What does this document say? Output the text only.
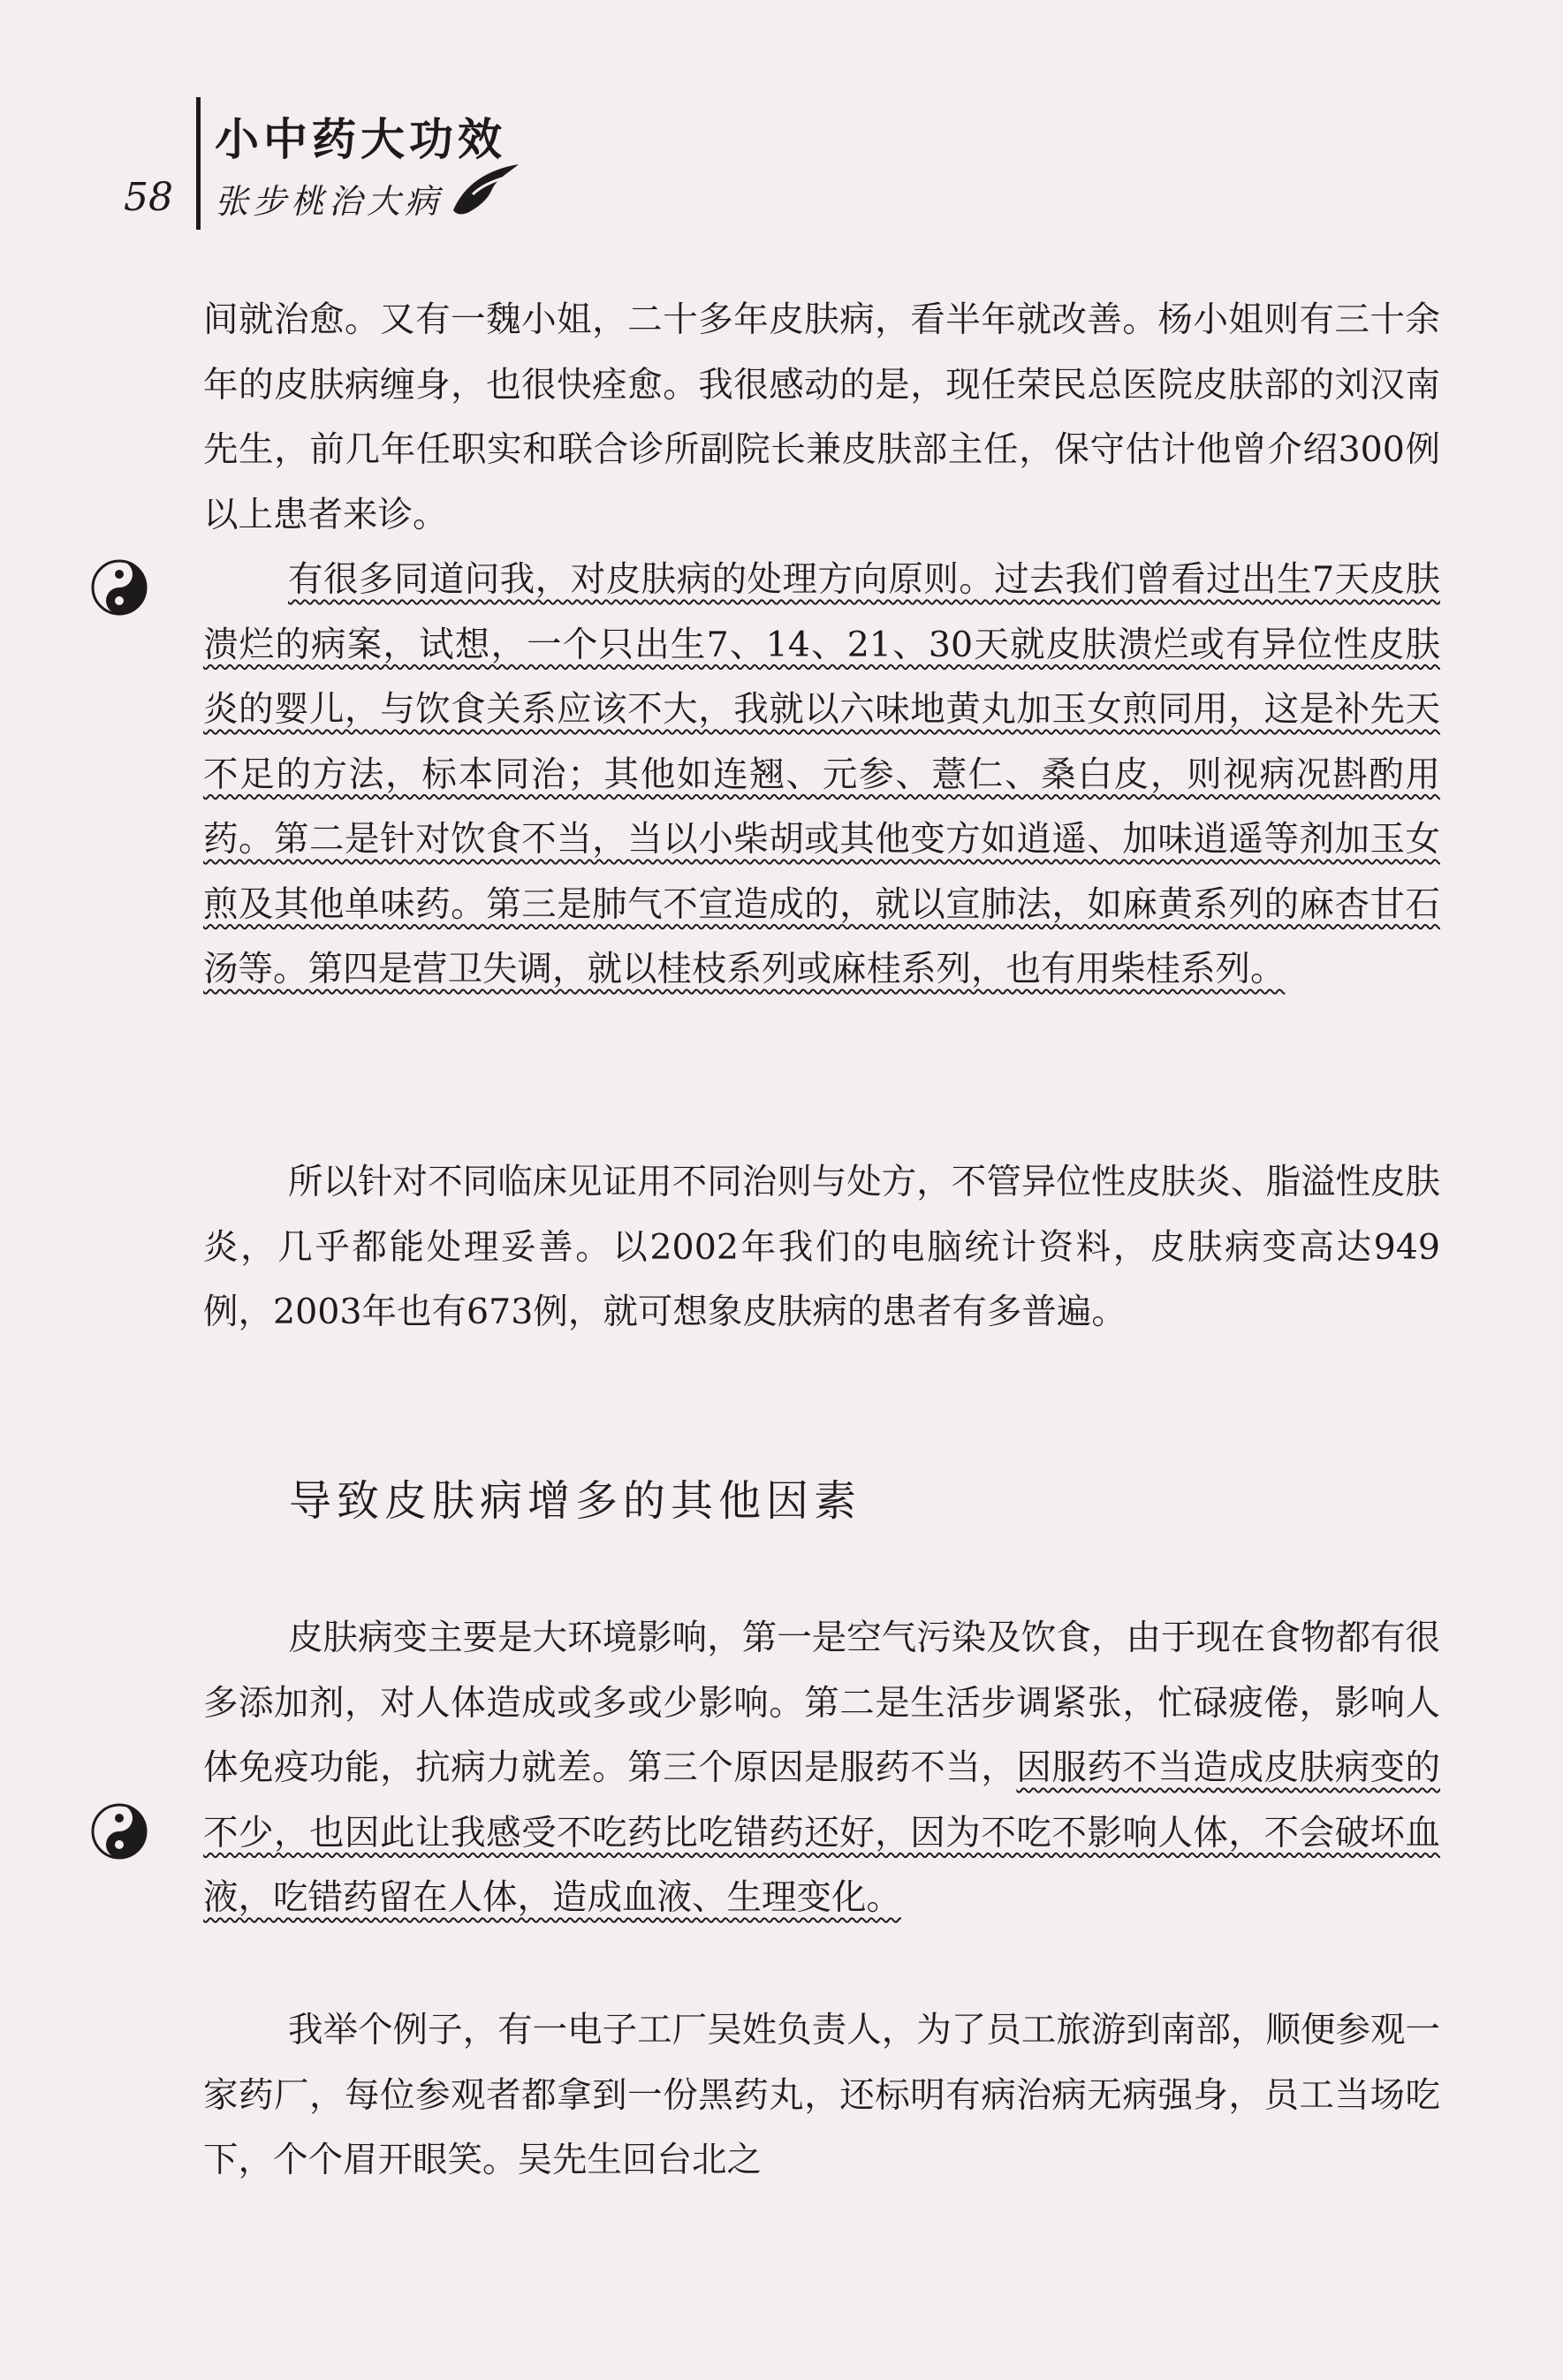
58
小中药大功效
张步桃治大病

间就治愈。又有一魏小姐，二十多年皮肤病，看半年就改善。杨小姐则有三十余年的皮肤病缠身，也很快痊愈。我很感动的是，现任荣民总医院皮肤部的刘汉南先生，前几年任职实和联合诊所副院长兼皮肤部主任，保守估计他曾介绍300例以上患者来诊。

有很多同道问我，对皮肤病的处理方向原则。过去我们曾看过出生7天皮肤溃烂的病案，试想，一个只出生7、14、21、30天就皮肤溃烂或有异位性皮肤炎的婴儿，与饮食关系应该不大，我就以六味地黄丸加玉女煎同用，这是补先天不足的方法，标本同治；其他如连翘、元参、薏仁、桑白皮，则视病况斟酌用药。第二是针对饮食不当，当以小柴胡或其他变方如逍遥、加味逍遥等剂加玉女煎及其他单味药。第三是肺气不宣造成的，就以宣肺法，如麻黄系列的麻杏甘石汤等。第四是营卫失调，就以桂枝系列或麻桂系列，也有用柴桂系列。

所以针对不同临床见证用不同治则与处方，不管异位性皮肤炎、脂溢性皮肤炎，几乎都能处理妥善。以2002年我们的电脑统计资料，皮肤病变高达949例，2003年也有673例，就可想象皮肤病的患者有多普遍。

导致皮肤病增多的其他因素

皮肤病变主要是大环境影响，第一是空气污染及饮食，由于现在食物都有很多添加剂，对人体造成或多或少影响。第二是生活步调紧张，忙碌疲倦，影响人体免疫功能，抗病力就差。第三个原因是服药不当，因服药不当造成皮肤病变的不少，也因此让我感受不吃药比吃错药还好，因为不吃不影响人体，不会破坏血液，吃错药留在人体，造成血液、生理变化。

我举个例子，有一电子工厂吴姓负责人，为了员工旅游到南部，顺便参观一家药厂，每位参观者都拿到一份黑药丸，还标明有病治病无病强身，员工当场吃下，个个眉开眼笑。吴先生回台北之
